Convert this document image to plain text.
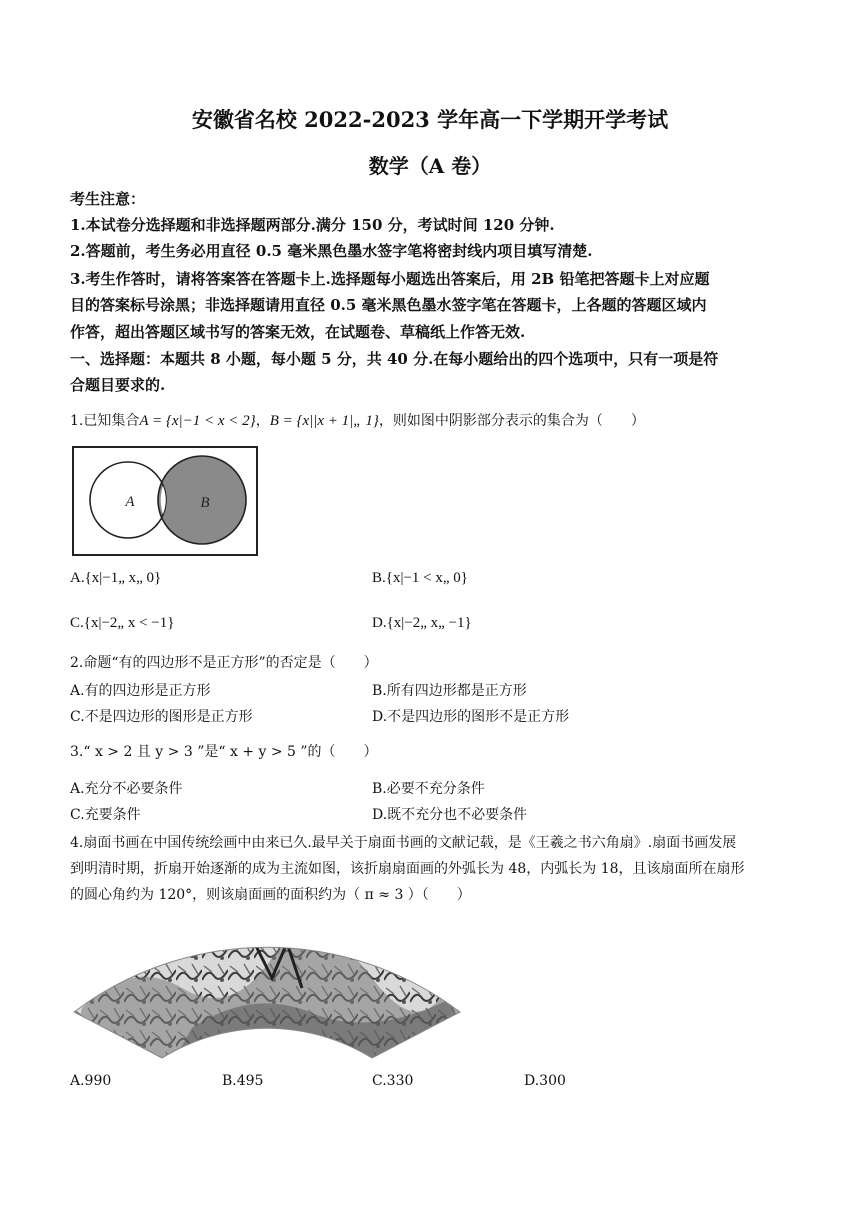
安徽省名校 2022-2023 学年高一下学期开学考试
数学（A 卷）
考生注意：
1.本试卷分选择题和非选择题两部分.满分 150 分，考试时间 120 分钟.
2.答题前，考生务必用直径 0.5 毫米黑色墨水签字笔将密封线内项目填写清楚.
3.考生作答时，请将答案答在答题卡上.选择题每小题选出答案后，用 2B 铅笔把答题卡上对应题
目的答案标号涂黑；非选择题请用直径 0.5 毫米黑色墨水签字笔在答题卡，上各题的答题区域内
作答，超出答题区域书写的答案无效，在试题卷、草稿纸上作答无效.
一、选择题：本题共 8 小题，每小题 5 分，共 40 分.在每小题给出的四个选项中，只有一项是符
合题目要求的.
1.已知集合A = {x|−1 < x < 2}，B = {x||x + 1|„ 1}，则如图中阴影部分表示的集合为（　　）
A	B
A.{x|−1„ x„ 0}	B.{x|−1 < x„ 0}
C.{x|−2„ x < −1}	D.{x|−2„ x„ −1}
2.命题“有的四边形不是正方形”的否定是（　　）
A.有的四边形是正方形	B.所有四边形都是正方形
C.不是四边形的图形是正方形	D.不是四边形的图形不是正方形
3.“ x > 2 且 y > 3 ”是“ x + y > 5 ”的（　　）
A.充分不必要条件	B.必要不充分条件
C.充要条件	D.既不充分也不必要条件
4.扇面书画在中国传统绘画中由来已久.最早关于扇面书画的文献记载，是《王羲之书六角扇》.扇面书画发展
到明清时期，折扇开始逐渐的成为主流如图，该折扇扇面画的外弧长为 48，内弧长为 18，且该扇面所在扇形
的圆心角约为 120°，则该扇面画的面积约为（ π ≈ 3 ）（　　）
A.990	B.495	C.330	D.300
